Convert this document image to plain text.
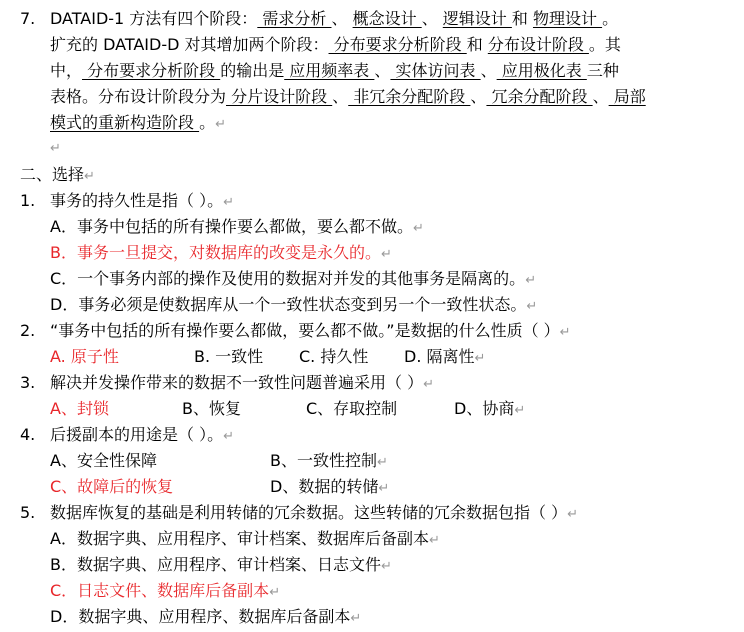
7. DATAID-1 方法有四个阶段： 需求分析 、 概念设计 、 逻辑设计 和 物理设计 。
扩充的 DATAID-D 对其增加两个阶段： 分布要求分析阶段 和 分布设计阶段 。其
中， 分布要求分析阶段 的输出是 应用频率表 、 实体访问表 、 应用极化表 三种
表格。分布设计阶段分为 分片设计阶段 、 非冗余分配阶段 、 冗余分配阶段 、 局部
模式的重新构造阶段 。↵
↵
二、选择↵
1. 事务的持久性是指（ ）。↵
A．事务中包括的所有操作要么都做，要么都不做。↵
B．事务一旦提交，对数据库的改变是永久的。↵
C．一个事务内部的操作及使用的数据对并发的其他事务是隔离的。↵
D．事务必须是使数据库从一个一致性状态变到另一个一致性状态。↵
2. “事务中包括的所有操作要么都做，要么都不做。”是数据的什么性质（ ）↵
A. 原子性	B. 一致性 C. 持久性 D. 隔离性↵
3. 解决并发操作带来的数据不一致性问题普遍采用（ ）↵
A、封锁	B、恢复	C、存取控制	D、协商↵
4. 后援副本的用途是（ ）。↵
A、安全性保障	B、一致性控制↵
C、故障后的恢复	D、数据的转储↵
5. 数据库恢复的基础是利用转储的冗余数据。这些转储的冗余数据包指（ ）↵
A．数据字典、应用程序、审计档案、数据库后备副本↵
B．数据字典、应用程序、审计档案、日志文件↵
C．日志文件、数据库后备副本↵
D．数据字典、应用程序、数据库后备副本↵
